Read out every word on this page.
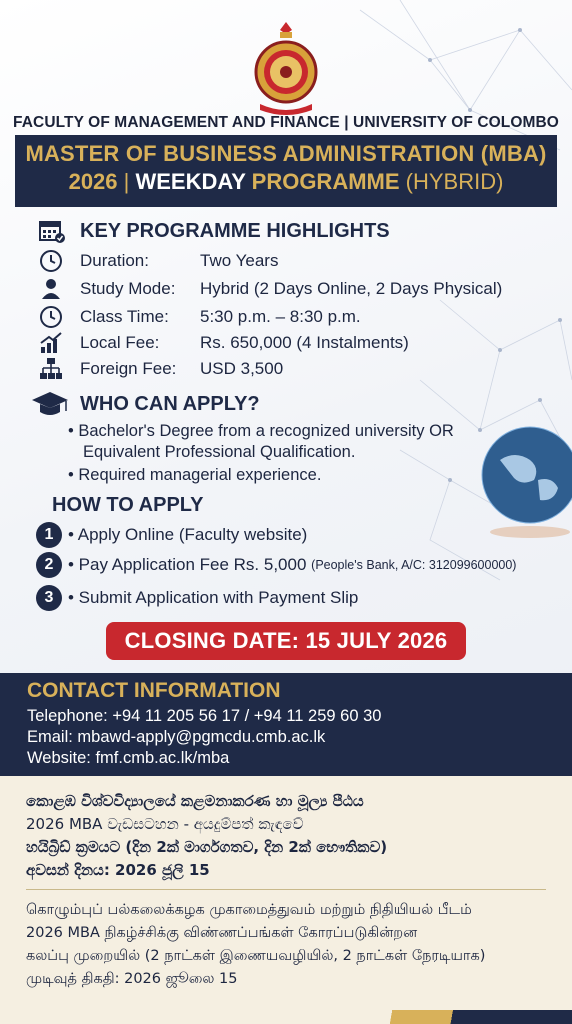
FACULTY OF MANAGEMENT AND FINANCE | UNIVERSITY OF COLOMBO
MASTER OF BUSINESS ADMINISTRATION (MBA)
2026 | WEEKDAY PROGRAMME (HYBRID)
KEY PROGRAMME HIGHLIGHTS
Duration:	Two Years
Study Mode:	Hybrid (2 Days Online, 2 Days Physical)
Class Time:	5:30 p.m. – 8:30 p.m.
Local Fee:	Rs. 650,000 (4 Instalments)
Foreign Fee:	USD 3,500
WHO CAN APPLY?
• Bachelor's Degree from a recognized university OR
Equivalent Professional Qualification.
• Required managerial experience.
HOW TO APPLY
1 • Apply Online (Faculty website)
2 • Pay Application Fee Rs. 5,000 (People's Bank, A/C: 312099600000)
3 • Submit Application with Payment Slip
CLOSING DATE: 15 JULY 2026
CONTACT INFORMATION
Telephone: +94 11 205 56 17 / +94 11 259 60 30
Email: mbawd-apply@pgmcdu.cmb.ac.lk
Website: fmf.cmb.ac.lk/mba
කොළඹ විශ්වවිද්‍යාලයේ කළමනාකරණ හා මූල්‍ය පීඨය
2026 MBA වැඩසටහන - අයදුම්පත් කැඳවේ
හයිබ්‍රිඩ් ක්‍රමයට (දින 2ක් මාර්ගගතව, දින 2ක් භෞතිකව)
අවසන් දිනය: 2026 ජූලි 15
கொழும்புப் பல்கலைக்கழக முகாமைத்துவம் மற்றும் நிதியியல் பீடம்
2026 MBA நிகழ்ச்சிக்கு விண்ணப்பங்கள் கோரப்படுகின்றன
கலப்பு முறையில் (2 நாட்கள் இணையவழியில், 2 நாட்கள் நேரடியாக)
முடிவுத் திகதி: 2026 ஜூலை 15
